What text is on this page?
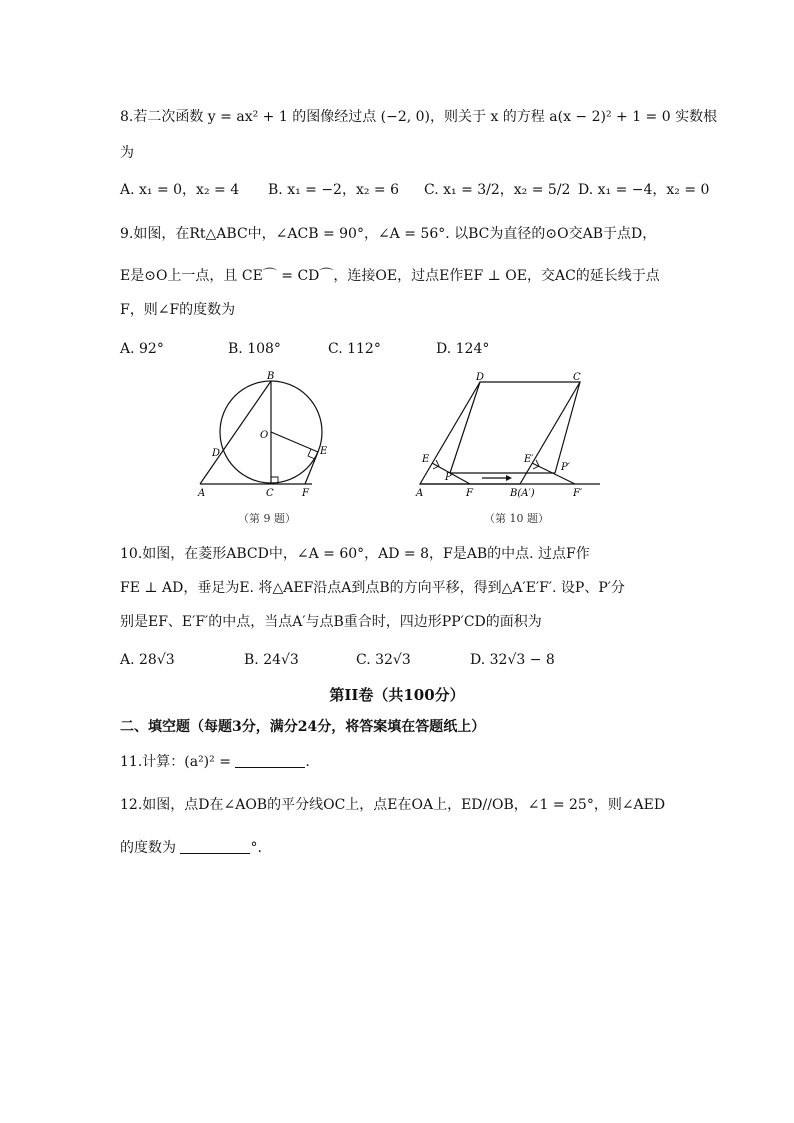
8.若二次函数 y = ax² + 1 的图像经过点 (−2, 0)，则关于 x 的方程 a(x − 2)² + 1 = 0 实数根
为
A. x₁ = 0，x₂ = 4 B. x₁ = −2，x₂ = 6 C. x₁ = 3/2，x₂ = 5/2 D. x₁ = −4，x₂ = 0
9.如图，在Rt△ABC中，∠ACB = 90°，∠A = 56°. 以BC为直径的⊙O交AB于点D，
E是⊙O上一点，且 CE⌒ = CD⌒，连接OE，过点E作EF ⊥ OE，交AC的延长线于点
F，则∠F的度数为
A. 92°	B. 108°	C. 112°	D. 124°
B
O
D	E
A	C	F
（第 9 题）
D	C
E	E′
P
P′
A	F	B(A′)	F′
（第 10 题）
10.如图，在菱形ABCD中，∠A = 60°，AD = 8，F是AB的中点. 过点F作
FE ⊥ AD，垂足为E. 将△AEF沿点A到点B的方向平移，得到△A′E′F′. 设P、P′分
别是EF、E′F′的中点，当点A′与点B重合时，四边形PP′CD的面积为
A. 28√3	B. 24√3	C. 32√3	D. 32√3 − 8
第II卷（共100分）
二、填空题（每题3分，满分24分，将答案填在答题纸上）
11.计算：(a²)² =	.
12.如图，点D在∠AOB的平分线OC上，点E在OA上，ED//OB，∠1 = 25°，则∠AED
的度数为	°.
